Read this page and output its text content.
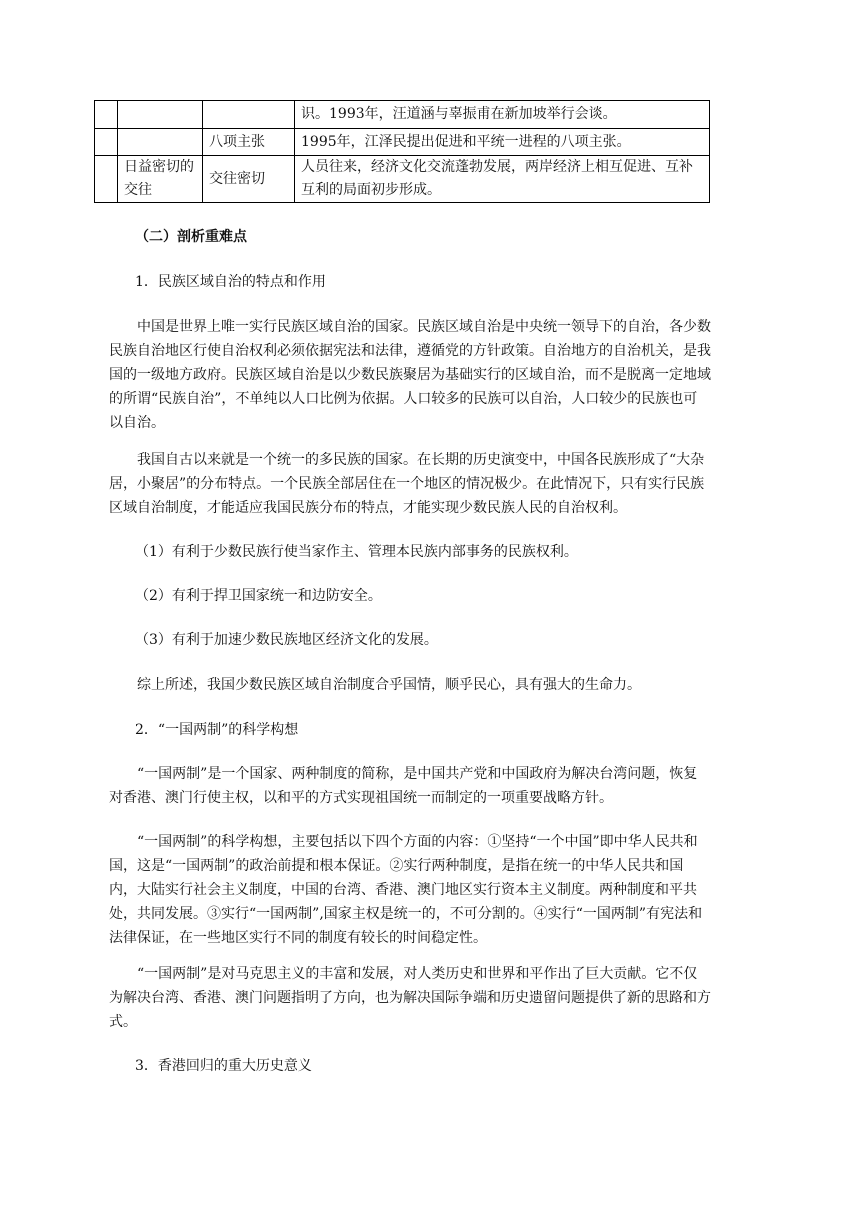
			识。1993年，汪道涵与辜振甫在新加坡举行会谈。
		八项主张	1995年，江泽民提出促进和平统一进程的八项主张。
	日益密切的交往	交往密切	人员往来，经济文化交流蓬勃发展，两岸经济上相互促进、互补互利的局面初步形成。

（二）剖析重难点

1．民族区域自治的特点和作用

中国是世界上唯一实行民族区域自治的国家。民族区域自治是中央统一领导下的自治，各少数民族自治地区行使自治权利必须依据宪法和法律，遵循党的方针政策。自治地方的自治机关，是我国的一级地方政府。民族区域自治是以少数民族聚居为基础实行的区域自治，而不是脱离一定地域的所谓“民族自治”，不单纯以人口比例为依据。人口较多的民族可以自治，人口较少的民族也可以自治。

我国自古以来就是一个统一的多民族的国家。在长期的历史演变中，中国各民族形成了“大杂居，小聚居”的分布特点。一个民族全部居住在一个地区的情况极少。在此情况下，只有实行民族区域自治制度，才能适应我国民族分布的特点，才能实现少数民族人民的自治权利。

（1）有利于少数民族行使当家作主、管理本民族内部事务的民族权利。

（2）有利于捍卫国家统一和边防安全。

（3）有利于加速少数民族地区经济文化的发展。

综上所述，我国少数民族区域自治制度合乎国情，顺乎民心，具有强大的生命力。

2．“一国两制”的科学构想

“一国两制”是一个国家、两种制度的简称，是中国共产党和中国政府为解决台湾问题，恢复对香港、澳门行使主权，以和平的方式实现祖国统一而制定的一项重要战略方针。

“一国两制”的科学构想，主要包括以下四个方面的内容：①坚持“一个中国”即中华人民共和国，这是“一国两制”的政治前提和根本保证。②实行两种制度，是指在统一的中华人民共和国内，大陆实行社会主义制度，中国的台湾、香港、澳门地区实行资本主义制度。两种制度和平共处，共同发展。③实行“一国两制”,国家主权是统一的，不可分割的。④实行“一国两制”有宪法和法律保证，在一些地区实行不同的制度有较长的时间稳定性。

“一国两制”是对马克思主义的丰富和发展，对人类历史和世界和平作出了巨大贡献。它不仅为解决台湾、香港、澳门问题指明了方向，也为解决国际争端和历史遗留问题提供了新的思路和方式。

3．香港回归的重大历史意义
